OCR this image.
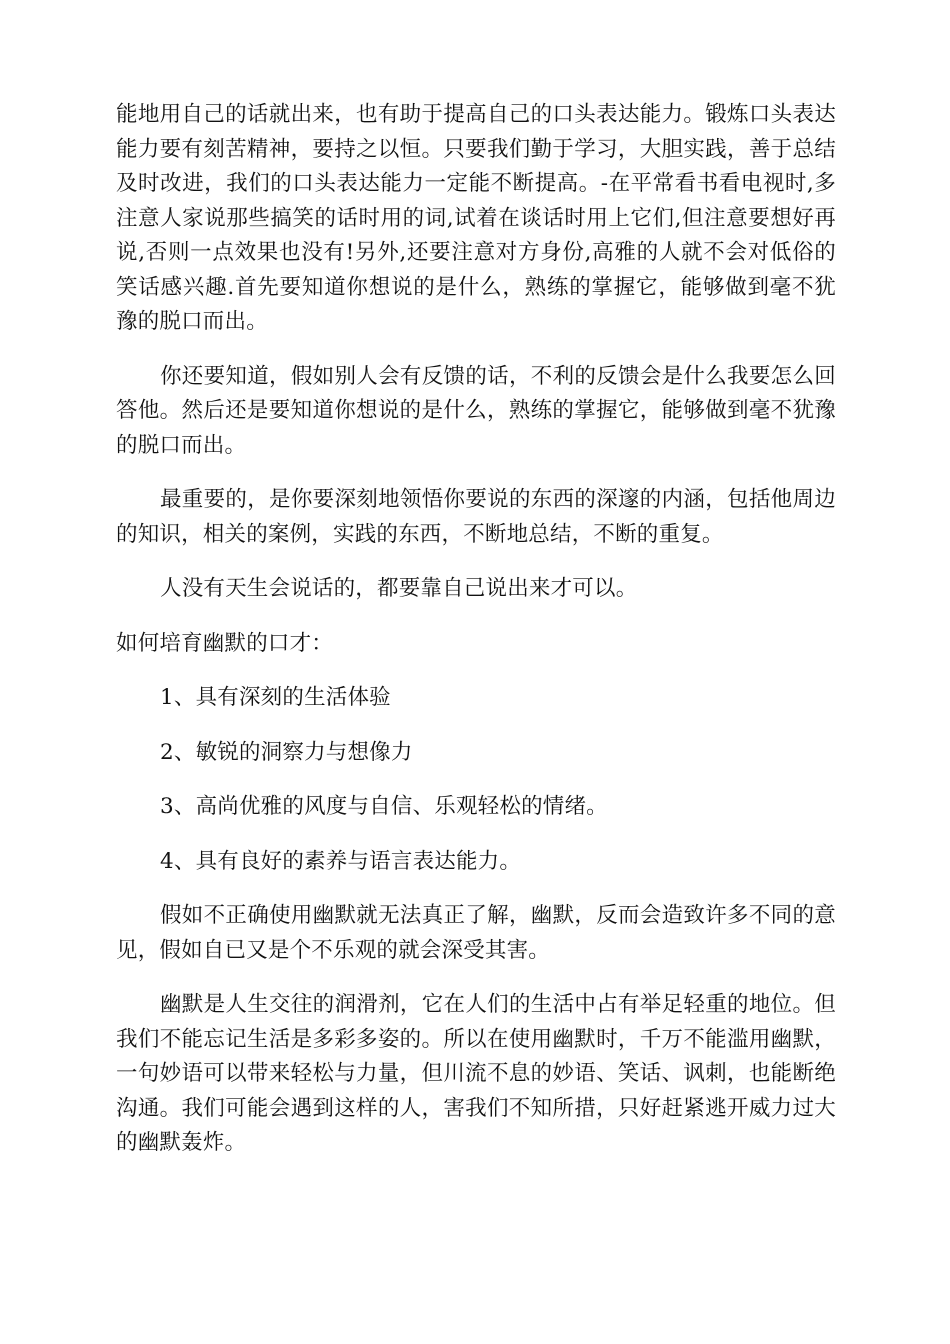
能地用自己的话就出来，也有助于提高自己的口头表达能力。锻炼口头表达能力要有刻苦精神，要持之以恒。只要我们勤于学习，大胆实践，善于总结及时改进，我们的口头表达能力一定能不断提高。-在平常看书看电视时,多注意人家说那些搞笑的话时用的词,试着在谈话时用上它们,但注意要想好再说,否则一点效果也没有!另外,还要注意对方身份,高雅的人就不会对低俗的笑话感兴趣.首先要知道你想说的是什么，熟练的掌握它，能够做到毫不犹豫的脱口而出。

你还要知道，假如别人会有反馈的话，不利的反馈会是什么我要怎么回答他。然后还是要知道你想说的是什么，熟练的掌握它，能够做到毫不犹豫的脱口而出。

最重要的，是你要深刻地领悟你要说的东西的深邃的内涵，包括他周边的知识，相关的案例，实践的东西，不断地总结，不断的重复。

人没有天生会说话的，都要靠自己说出来才可以。

如何培育幽默的口才：

1、具有深刻的生活体验

2、敏锐的洞察力与想像力

3、高尚优雅的风度与自信、乐观轻松的情绪。

4、具有良好的素养与语言表达能力。

假如不正确使用幽默就无法真正了解，幽默，反而会造致许多不同的意见，假如自已又是个不乐观的就会深受其害。

幽默是人生交往的润滑剂，它在人们的生活中占有举足轻重的地位。但我们不能忘记生活是多彩多姿的。所以在使用幽默时，千万不能滥用幽默，一句妙语可以带来轻松与力量，但川流不息的妙语、笑话、讽刺，也能断绝沟通。我们可能会遇到这样的人，害我们不知所措，只好赶紧逃开威力过大的幽默轰炸。
